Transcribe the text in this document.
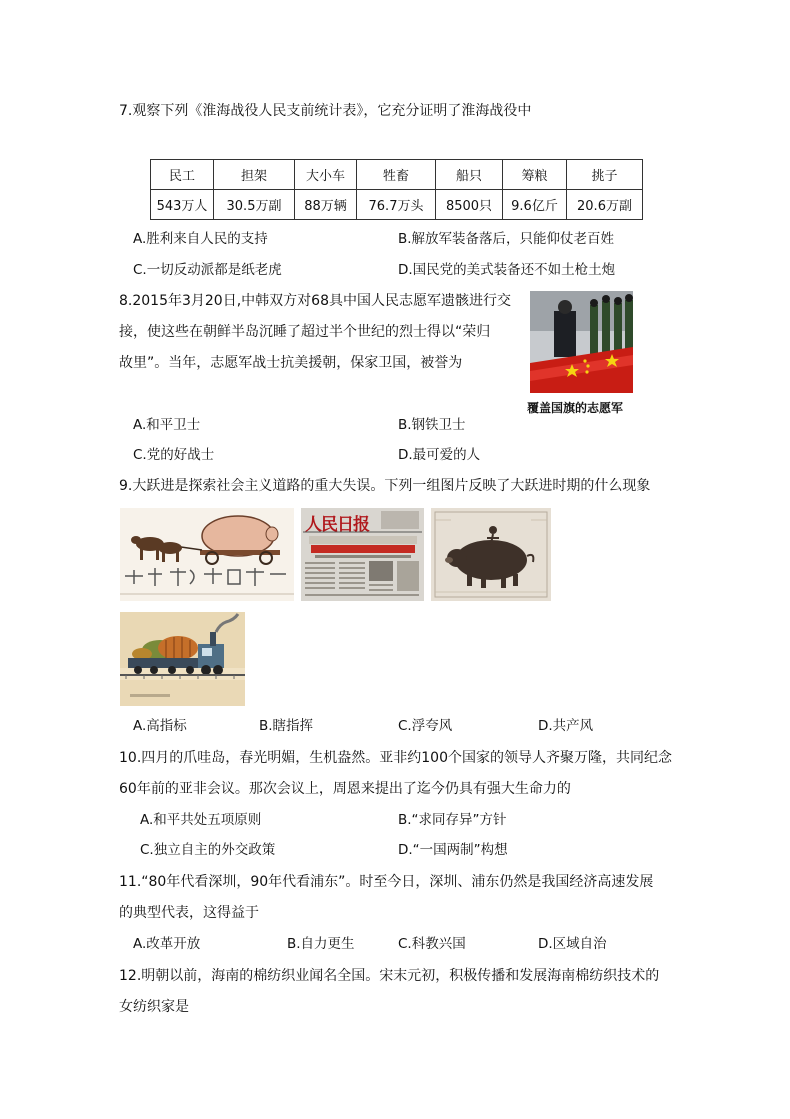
7.观察下列《淮海战役人民支前统计表》，它充分证明了淮海战役中
民工	担架	大小车	牲畜	船只	筹粮	挑子
543万人	30.5万副	88万辆	76.7万头	8500只	9.6亿斤	20.6万副
A.胜利来自人民的支持	B.解放军装备落后，只能仰仗老百姓
C.一切反动派都是纸老虎	D.国民党的美式装备还不如土枪土炮
8.2015年3月20日,中韩双方对68具中国人民志愿军遗骸进行交
接，使这些在朝鲜半岛沉睡了超过半个世纪的烈士得以“荣归
故里”。当年，志愿军战士抗美援朝，保家卫国，被誉为
覆盖国旗的志愿军
A.和平卫士	B.钢铁卫士
C.党的好战士	D.最可爱的人
9.大跃进是探索社会主义道路的重大失误。下列一组图片反映了大跃进时期的什么现象
人民日报
A.高指标	B.瞎指挥	C.浮夸风	D.共产风
10.四月的爪哇岛，春光明媚，生机盎然。亚非约100个国家的领导人齐聚万隆，共同纪念
60年前的亚非会议。那次会议上，周恩来提出了迄今仍具有强大生命力的
A.和平共处五项原则	B.“求同存异”方针
C.独立自主的外交政策	D.“一国两制”构想
11.“80年代看深圳，90年代看浦东”。时至今日，深圳、浦东仍然是我国经济高速发展
的典型代表，这得益于
A.改革开放	B.自力更生	C.科教兴国	D.区域自治
12.明朝以前，海南的棉纺织业闻名全国。宋末元初，积极传播和发展海南棉纺织技术的
女纺织家是
